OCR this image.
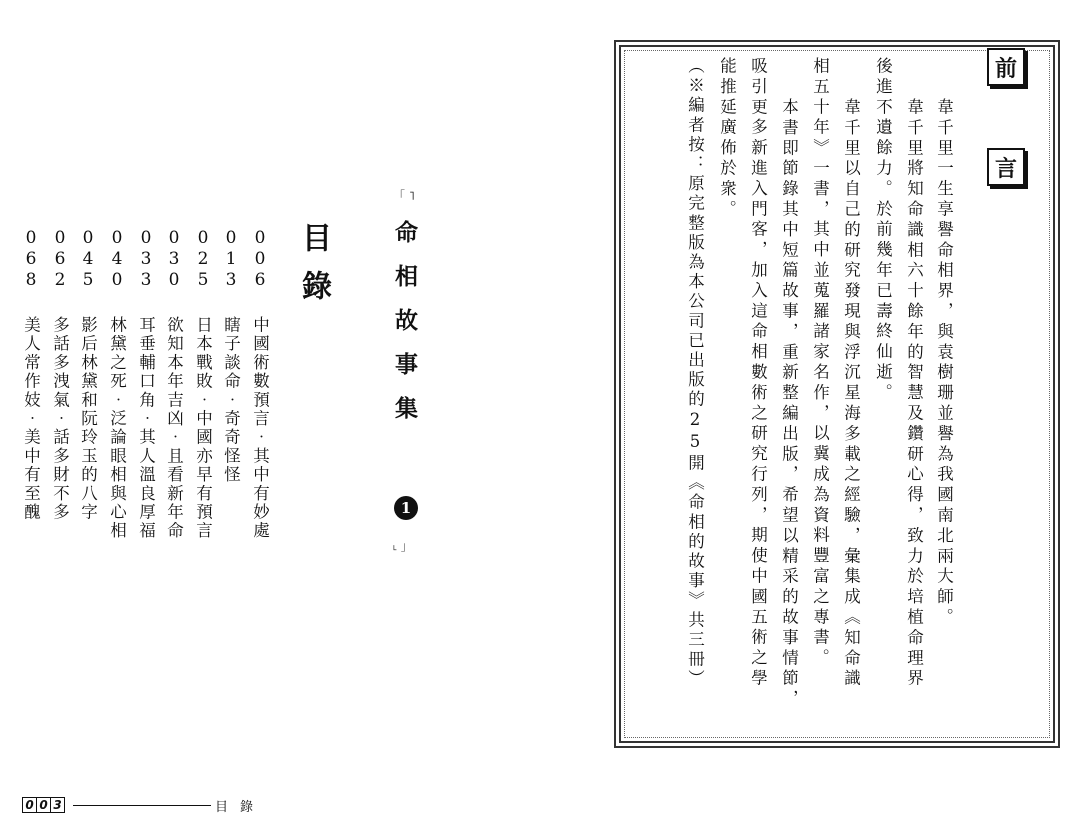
前
言
韋千里一生享譽命相界，與袁樹珊並譽為我國南北兩大師。
韋千里將知命識相六十餘年的智慧及鑽研心得，致力於培植命理界
後進不遺餘力。於前幾年已壽終仙逝。
韋千里以自己的研究發現與浮沉星海多載之經驗，彙集成《知命識
相五十年》一書，其中並蒐羅諸家名作，以冀成為資料豐富之專書。
本書即節錄其中短篇故事，重新整編出版，希望以精采的故事情節，
吸引更多新進入門客，加入這命相數術之研究行列，期使中國五術之學
能推延廣佈於衆。
（※編者按：原完整版為本公司已出版的25開《命相的故事》共三冊）
「 ˥
命相故事集
1
˪ 」
目錄
0
0
6
中國術數預言‧其中有妙處
0
1
3
瞎子談命‧奇奇怪怪
0
2
5
日本戰敗‧中國亦早有預言
0
3
0
欲知本年吉凶‧且看新年命
0
3
3
耳垂輔口角‧其人溫良厚福
0
4
0
林黛之死‧泛論眼相與心相
0
4
5
影后林黛和阮玲玉的八字
0
6
2
多話多洩氣‧話多財不多
0
6
8
美人常作妓‧美中有至醜
0 0 3	目錄
